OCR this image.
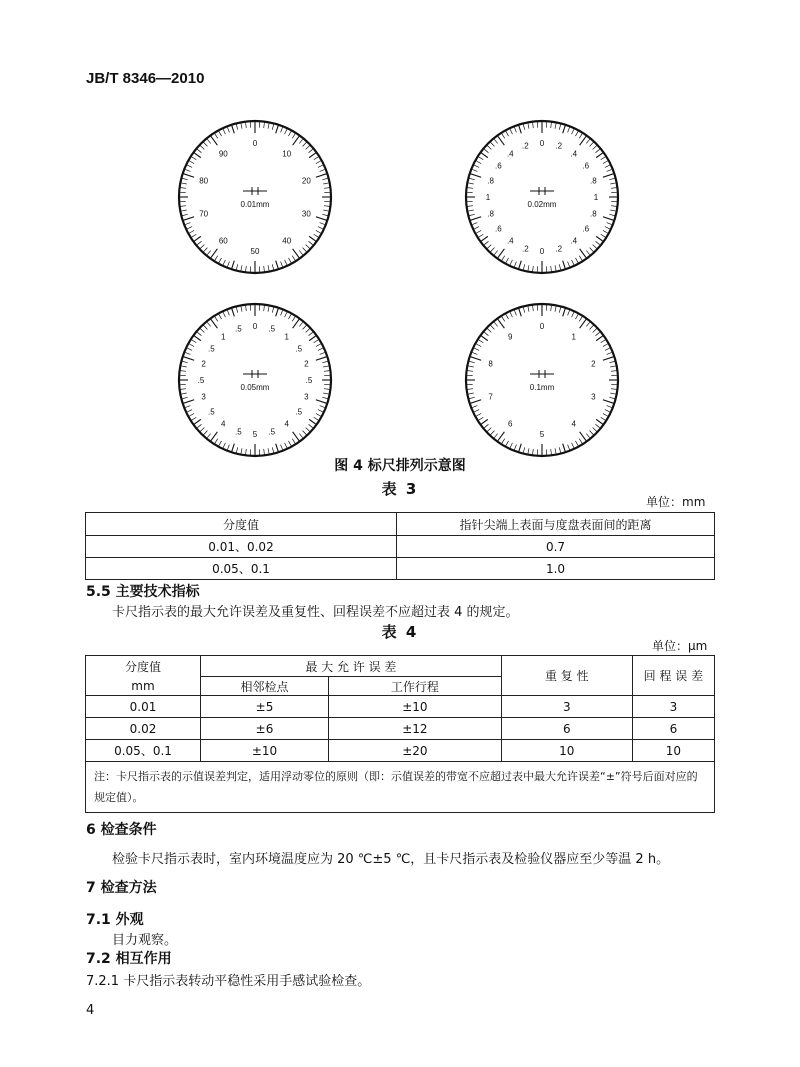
JB/T 8346—2010
0
10
20
30
40
50
60
70
80
90
0.01mm
0 .2
.4
.6
.8
1
.8
.6
.4
.2
0
.2
.4
.6
.8
1
.8
.6
.4
.2
0.02mm
0 .5
1
.5
2
.5
3
.5
4
.5
5
.5
4
.5
3
.5
2
.5
1
.5
0.05mm
0
1
2
3
4
5
6
7
8
9
0.1mm
图 4 标尺排列示意图
表 3
单位：mm
分度值	指针尖端上表面与度盘表面间的距离
0.01、0.02	0.7
0.05、0.1	1.0
5.5 主要技术指标
卡尺指示表的最大允许误差及重复性、回程误差不应超过表 4 的规定。
表 4
单位：μm
分度值	最 大 允 许 误 差		重 复 性	回 程 误 差
mm	相邻检点	工作行程		
0.01	±5	±10	3	3
0.02	±6	±12	6	6
0.05、0.1	±10	±20	10	10
注：卡尺指示表的示值误差判定，适用浮动零位的原则（即：示值误差的带宽不应超过表中最大允许误差“±”符号后面对应的规定值）。				
6 检查条件
检验卡尺指示表时，室内环境温度应为 20 ℃±5 ℃，且卡尺指示表及检验仪器应至少等温 2 h。
7 检查方法
7.1 外观
目力观察。
7.2 相互作用
7.2.1 卡尺指示表转动平稳性采用手感试验检查。
4
